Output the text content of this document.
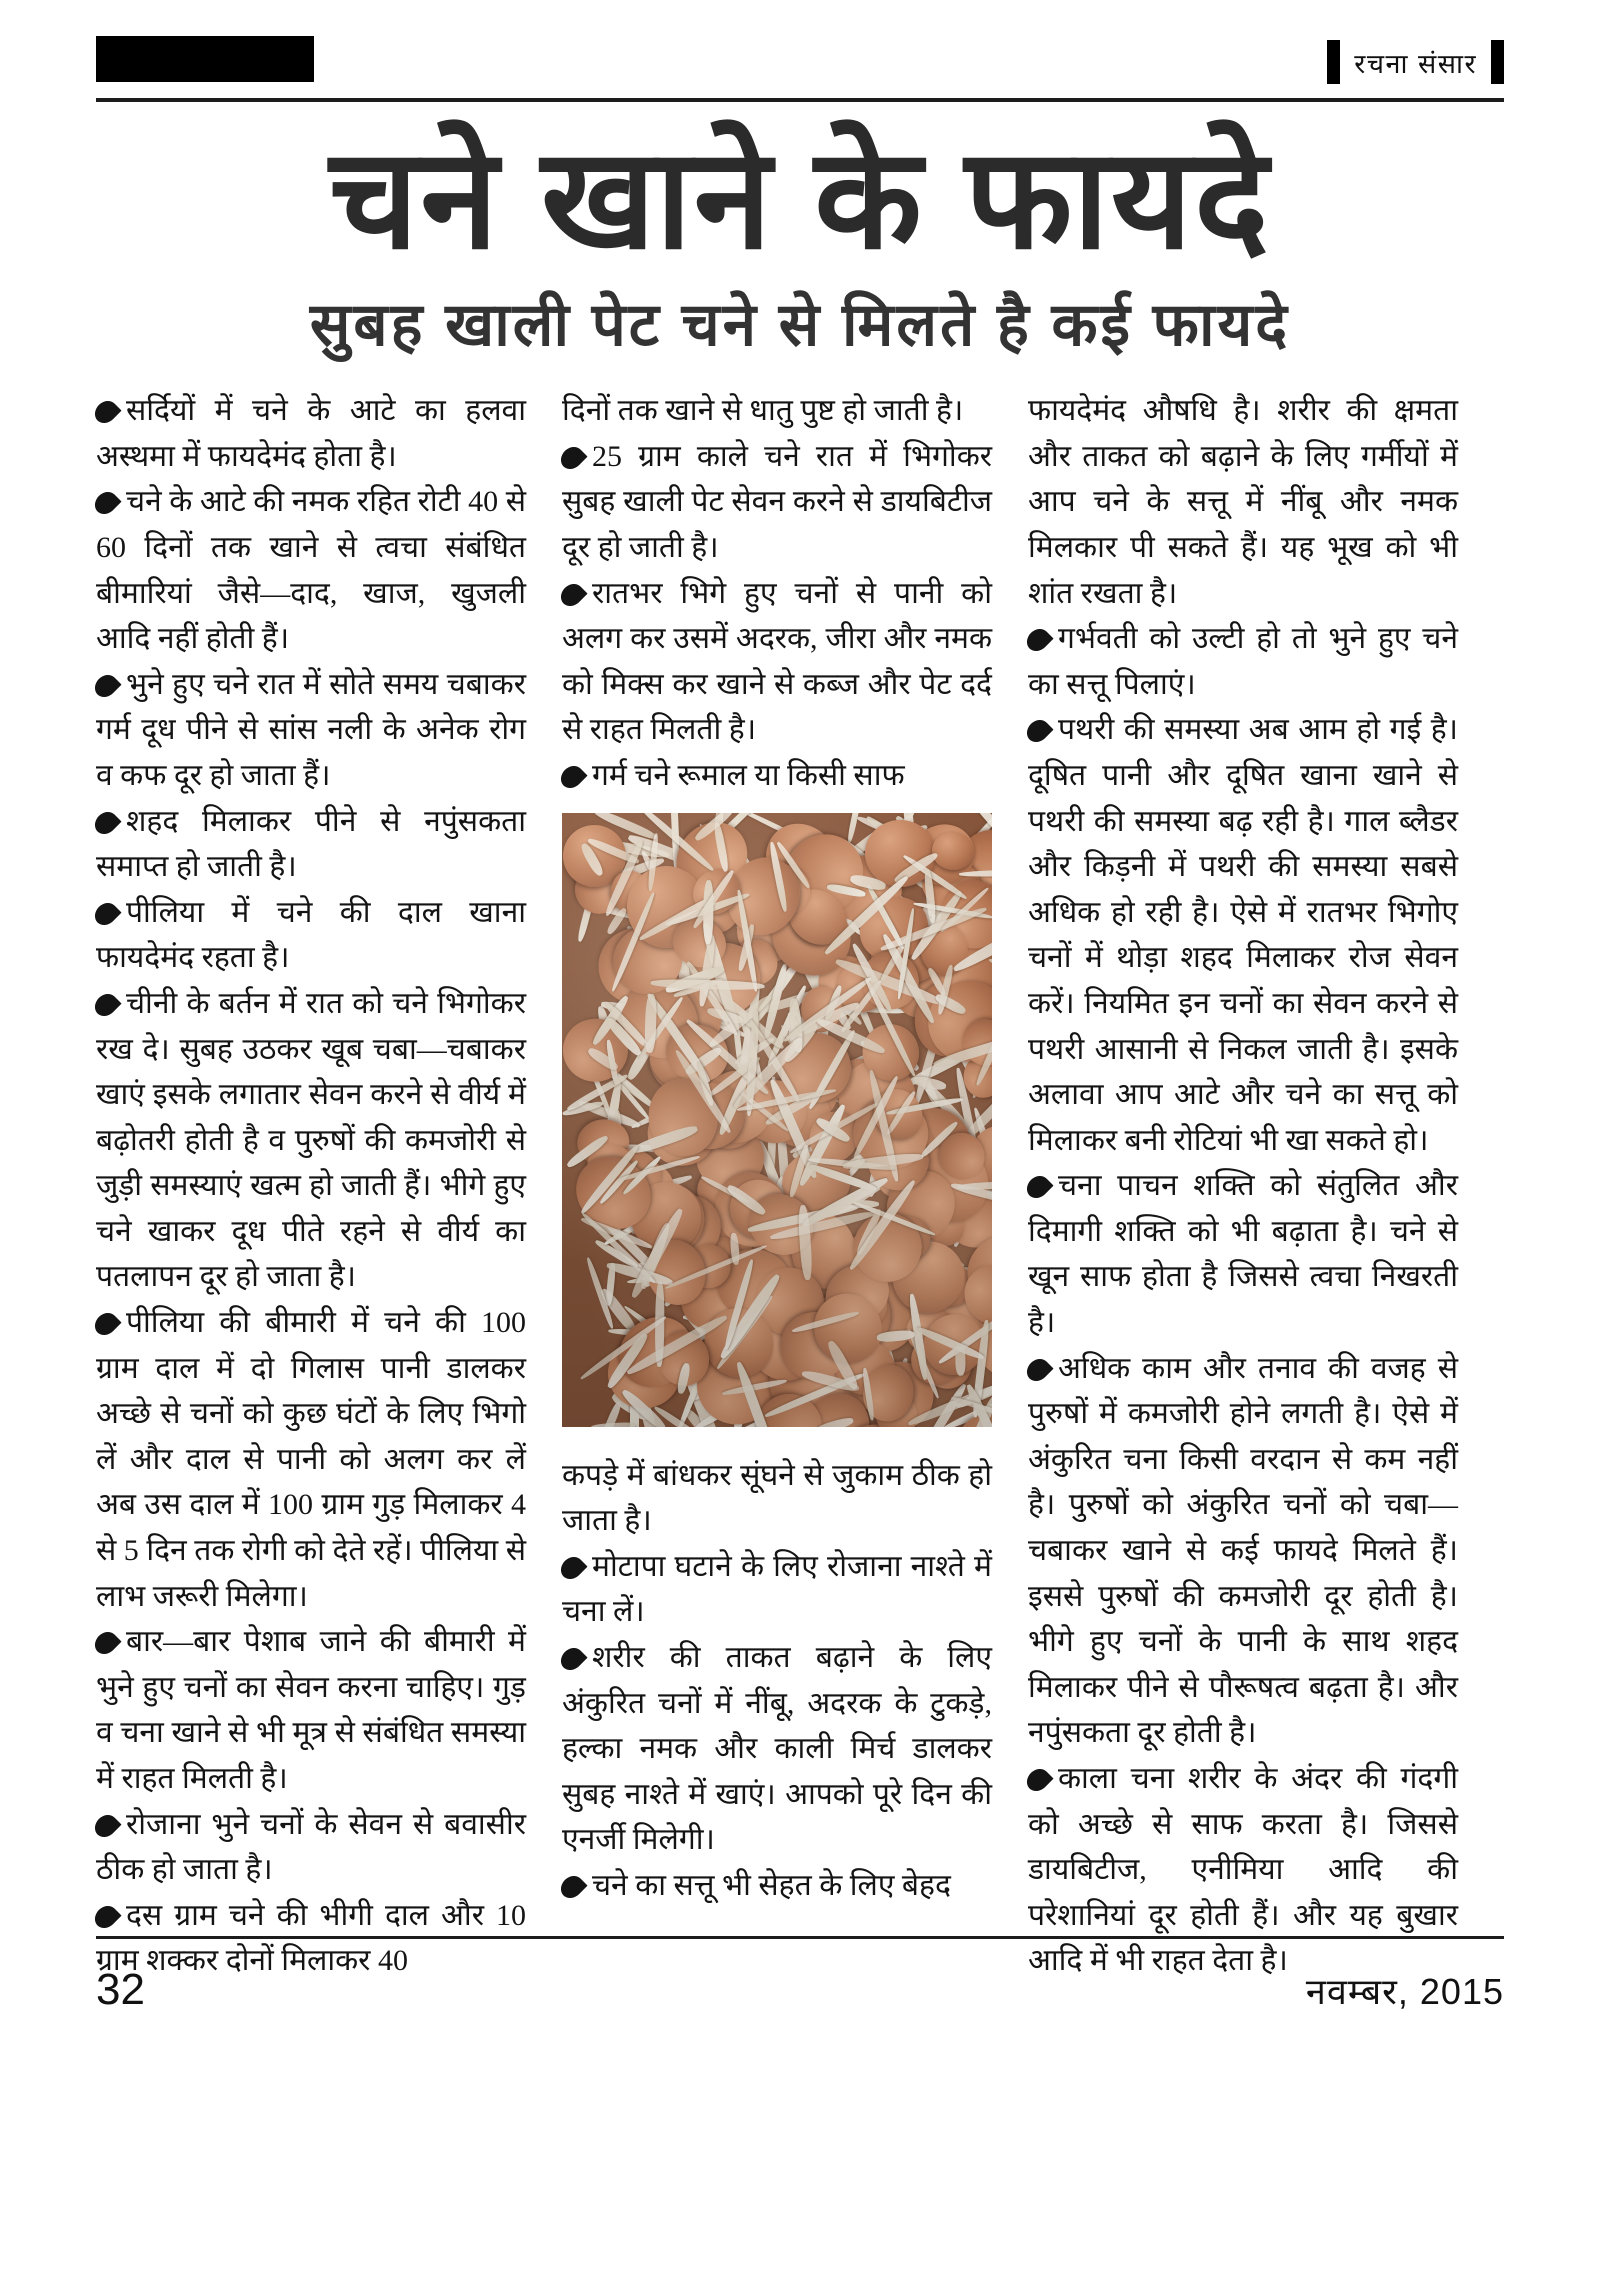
रचना संसार
चने खाने के फायदे
सुबह खाली पेट चने से मिलते है कई फायदे

सर्दियों में चने के आटे का हलवा अस्थमा में फायदेमंद होता है।

चने के आटे की नमक रहित रोटी 40 से 60 दिनों तक खाने से त्वचा संबंधित बीमारियां जैसे—दाद, खाज, खुजली आदि नहीं होती हैं।

भुने हुए चने रात में सोते समय चबाकर गर्म दूध पीने से सांस नली के अनेक रोग व कफ दूर हो जाता हैं।

शहद मिलाकर पीने से नपुंसकता समाप्त हो जाती है।

पीलिया में चने की दाल खाना फायदेमंद रहता है।

चीनी के बर्तन में रात को चने भिगोकर रख दे। सुबह उठकर खूब चबा—चबाकर खाएं इसके लगातार सेवन करने से वीर्य में बढ़ोतरी होती है व पुरुषों की कमजोरी से जुड़ी समस्याएं खत्म हो जाती हैं। भीगे हुए चने खाकर दूध पीते रहने से वीर्य का पतलापन दूर हो जाता है।

पीलिया की बीमारी में चने की 100 ग्राम दाल में दो गिलास पानी डालकर अच्छे से चनों को कुछ घंटों के लिए भिगो लें और दाल से पानी को अलग कर लें अब उस दाल में 100 ग्राम गुड़ मिलाकर 4 से 5 दिन तक रोगी को देते रहें। पीलिया से लाभ जरूरी मिलेगा।

बार—बार पेशाब जाने की बीमारी में भुने हुए चनों का सेवन करना चाहिए। गुड़ व चना खाने से भी मूत्र से संबंधित समस्या में राहत मिलती है।

रोजाना भुने चनों के सेवन से बवासीर ठीक हो जाता है।

दस ग्राम चने की भीगी दाल और 10 ग्राम शक्कर दोनों मिलाकर 40

दिनों तक खाने से धातु पुष्ट हो जाती है।

25 ग्राम काले चने रात में भिगोकर सुबह खाली पेट सेवन करने से डायबिटीज दूर हो जाती है।

रातभर भिगे हुए चनों से पानी को अलग कर उसमें अदरक, जीरा और नमक को मिक्स कर खाने से कब्ज और पेट दर्द से राहत मिलती है।

गर्म चने रूमाल या किसी साफ

कपड़े में बांधकर सूंघने से जुकाम ठीक हो जाता है।

मोटापा घटाने के लिए रोजाना नाश्ते में चना लें।

शरीर की ताकत बढ़ाने के लिए अंकुरित चनों में नींबू, अदरक के टुकड़े, हल्का नमक और काली मिर्च डालकर सुबह नाश्ते में खाएं। आपको पूरे दिन की एनर्जी मिलेगी।

चने का सत्तू भी सेहत के लिए बेहद

फायदेमंद औषधि है। शरीर की क्षमता और ताकत को बढ़ाने के लिए गर्मीयों में आप चने के सत्तू में नींबू और नमक मिलकार पी सकते हैं। यह भूख को भी शांत रखता है।

गर्भवती को उल्टी हो तो भुने हुए चने का सत्तू पिलाएं।

पथरी की समस्या अब आम हो गई है। दूषित पानी और दूषित खाना खाने से पथरी की समस्या बढ़ रही है। गाल ब्लैडर और किड़नी में पथरी की समस्या सबसे अधिक हो रही है। ऐसे में रातभर भिगोए चनों में थोड़ा शहद मिलाकर रोज सेवन करें। नियमित इन चनों का सेवन करने से पथरी आसानी से निकल जाती है। इसके अलावा आप आटे और चने का सत्तू को मिलाकर बनी रोटियां भी खा सकते हो।

चना पाचन शक्ति को संतुलित और दिमागी शक्ति को भी बढ़ाता है। चने से खून साफ होता है जिससे त्वचा निखरती है।

अधिक काम और तनाव की वजह से पुरुषों में कमजोरी होने लगती है। ऐसे में अंकुरित चना किसी वरदान से कम नहीं है। पुरुषों को अंकुरित चनों को चबा—चबाकर खाने से कई फायदे मिलते हैं। इससे पुरुषों की कमजोरी दूर होती है। भीगे हुए चनों के पानी के साथ शहद मिलाकर पीने से पौरूषत्व बढ़ता है। और नपुंसकता दूर होती है।

काला चना शरीर के अंदर की गंदगी को अच्छे से साफ करता है। जिससे डायबिटीज, एनीमिया आदि की परेशानियां दूर होती हैं। और यह बुखार आदि में भी राहत देता है।

32	नवम्बर, 2015
